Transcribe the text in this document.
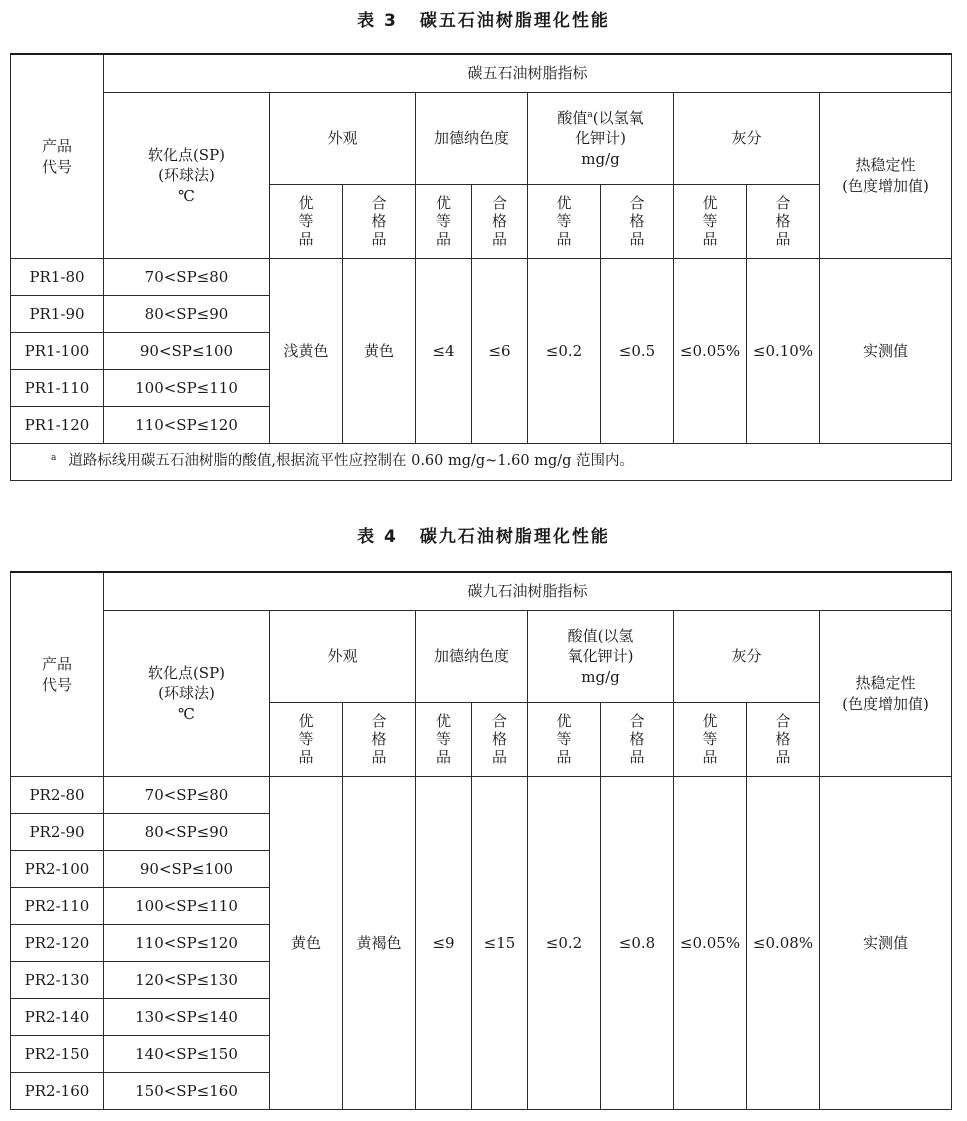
表 3 碳五石油树脂理化性能
产品
代号	碳五石油树脂指标									

	软化点(SP)
(环球法)
℃	外观		加德纳色度		酸值$^a$(以氢氧
化钾计)
mg/g		灰分		热稳定性
(色度增加值)

		优等品	合格品	优等品	合格品	优等品	合格品	优等品	合格品	
PR1-80	70<SP≤80	浅黄色	黄色	≤4	≤6	≤0.2	≤0.5	≤0.05%	≤0.10%	实测值
PR1-90	80<SP≤90									
PR1-100	90<SP≤100									
PR1-110	100<SP≤110									
PR1-120	110<SP≤120									
$^a$ 道路标线用碳五石油树脂的酸值,根据流平性应控制在 0.60 mg/g~1.60 mg/g 范围内。										
表 4 碳九石油树脂理化性能
产品
代号	碳九石油树脂指标									

	软化点(SP)
(环球法)
℃	外观		加德纳色度		酸值(以氢
氧化钾计)
mg/g		灰分		热稳定性
(色度增加值)

		优等品	合格品	优等品	合格品	优等品	合格品	优等品	合格品	
PR2-80	70<SP≤80	黄色	黄褐色	≤9	≤15	≤0.2	≤0.8	≤0.05%	≤0.08%	实测值
PR2-90	80<SP≤90									
PR2-100	90<SP≤100									
PR2-110	100<SP≤110									
PR2-120	110<SP≤120									
PR2-130	120<SP≤130									
PR2-140	130<SP≤140									
PR2-150	140<SP≤150									
PR2-160	150<SP≤160									
